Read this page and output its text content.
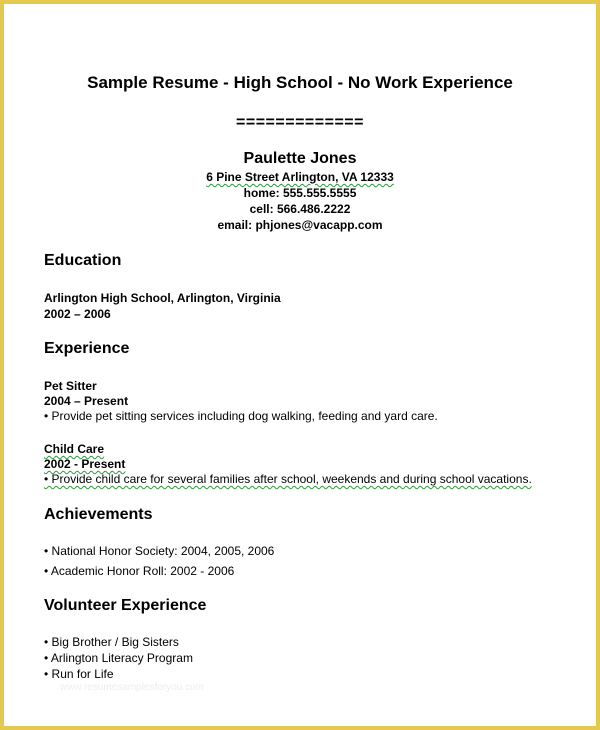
Sample Resume - High School - No Work Experience
=============
Paulette Jones
6 Pine Street Arlington, VA 12333
home: 555.555.5555
cell: 566.486.2222
email: phjones@vacapp.com
Education
Arlington High School, Arlington, Virginia
2002 – 2006
Experience
Pet Sitter
2004 – Present
• Provide pet sitting services including dog walking, feeding and yard care.
Child Care
2002 - Present
• Provide child care for several families after school, weekends and during school vacations.
Achievements
• National Honor Society: 2004, 2005, 2006
• Academic Honor Roll: 2002 - 2006
Volunteer Experience
• Big Brother / Big Sisters
• Arlington Literacy Program
• Run for Life
www.resumesamplesforyou.com
